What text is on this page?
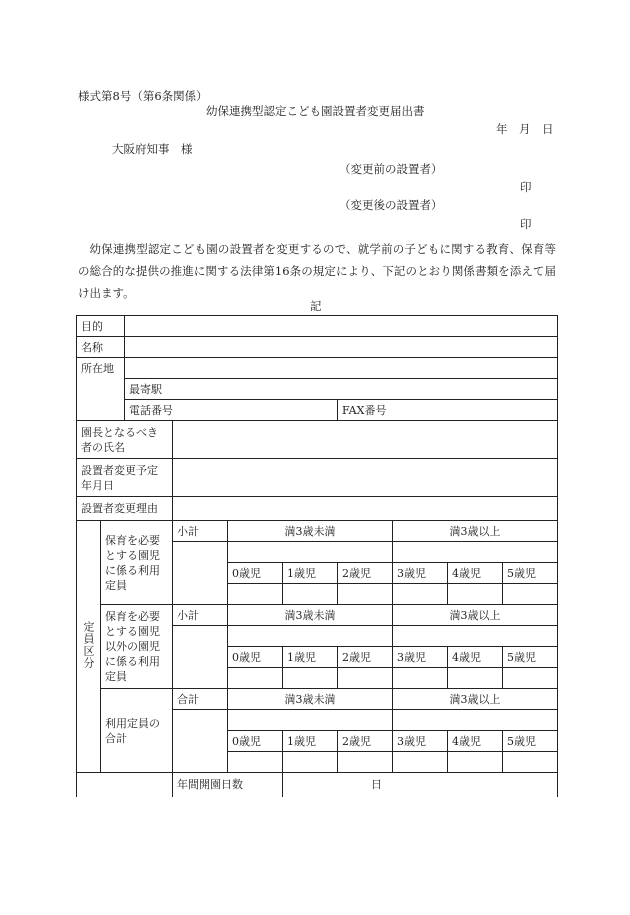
様式第8号（第6条関係）
幼保連携型認定こども園設置者変更届出書
年　月　日
大阪府知事　様
（変更前の設置者）
印
（変更後の設置者）
印
幼保連携型認定こども園の設置者を変更するので、就学前の子どもに関する教育、保育等の総合的な提供の推進に関する法律第16条の規定により、下記のとおり関係書類を添えて届け出ます。
記
目的									
名称									
所在地									
		最寄駅							
		電話番号				FAX番号			
園長となるべき者の氏名									
設置者変更予定年月日									
設置者変更理由									
定員区分	保育を必要とする園児に係る利用定員		小計	満3歳未満			満3歳以上		

				0歳児	1歳児	2歳児	3歳児	4歳児	5歳児

	保育を必要とする園児以外の園児に係る利用定員		小計	満3歳未満			満3歳以上		

				0歳児	1歳児	2歳児	3歳児	4歳児	5歳児

	利用定員の合計		合計	満3歳未満			満3歳以上		

				0歳児	1歳児	2歳児	3歳児	4歳児	5歳児

			年間開園日数		日				
